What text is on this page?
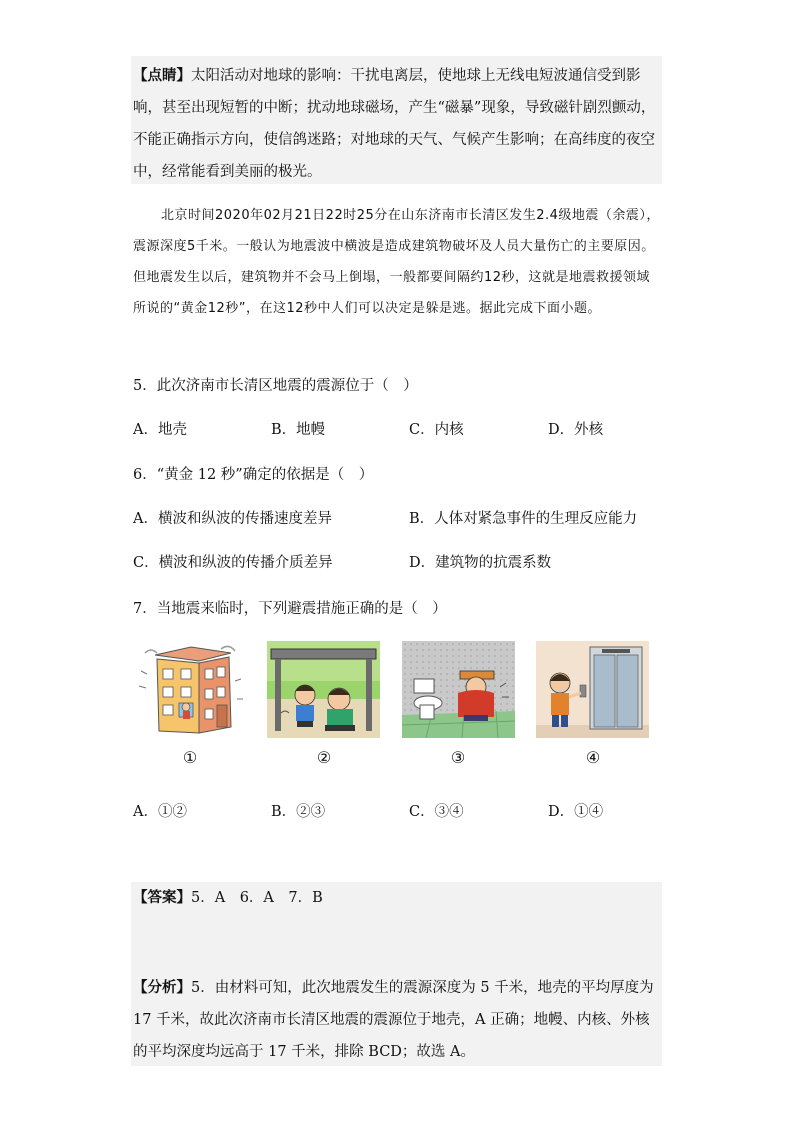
【点睛】太阳活动对地球的影响：干扰电离层，使地球上无线电短波通信受到影响，甚至出现短暂的中断；扰动地球磁场，产生“磁暴”现象，导致磁针剧烈颤动，不能正确指示方向，使信鸽迷路；对地球的天气、气候产生影响；在高纬度的夜空中，经常能看到美丽的极光。

北京时间2020年02月21日22时25分在山东济南市长清区发生2.4级地震（余震），震源深度5千米。一般认为地震波中横波是造成建筑物破坏及人员大量伤亡的主要原因。但地震发生以后，建筑物并不会马上倒塌，一般都要间隔约12秒，这就是地震救援领域所说的“黄金12秒”，在这12秒中人们可以决定是躲是逃。据此完成下面小题。

5．此次济南市长清区地震的震源位于（　）
A．地壳	B．地幔	C．内核	D．外核
6．“黄金 12 秒”确定的依据是（　）
A．横波和纵波的传播速度差异	B．人体对紧急事件的生理反应能力
C．横波和纵波的传播介质差异	D．建筑物的抗震系数
7．当地震来临时，下列避震措施正确的是（　）
①	②	③	④
A．①②	B．②③	C．③④	D．①④
【答案】5．A　6．A　7．B

【分析】5．由材料可知，此次地震发生的震源深度为 5 千米，地壳的平均厚度为 17 千米，故此次济南市长清区地震的震源位于地壳，A 正确；地幔、内核、外核的平均深度均远高于 17 千米，排除 BCD；故选 A。
